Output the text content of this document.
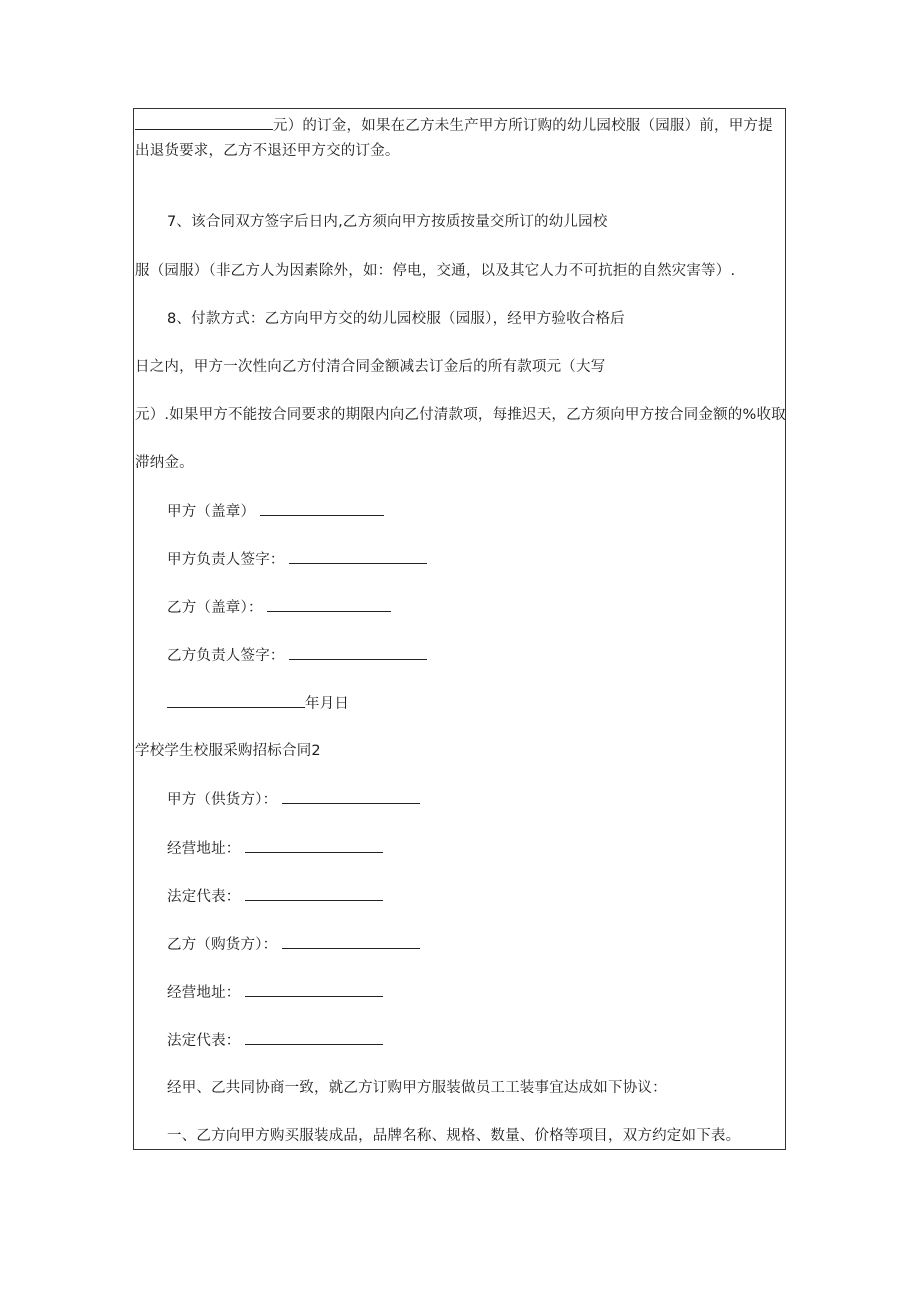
元）的订金，如果在乙方未生产甲方所订购的幼儿园校服（园服）前，甲方提
出退货要求，乙方不退还甲方交的订金。
7、该合同双方签字后日内,乙方须向甲方按质按量交所订的幼儿园校
服（园服）（非乙方人为因素除外，如：停电，交通，以及其它人力不可抗拒的自然灾害等）.
8、付款方式：乙方向甲方交的幼儿园校服（园服），经甲方验收合格后
日之内，甲方一次性向乙方付清合同金额减去订金后的所有款项元（大写
元）.如果甲方不能按合同要求的期限内向乙付清款项，每推迟天，乙方须向甲方按合同金额的%收取
滞纳金。
甲方（盖章）
甲方负责人签字：
乙方（盖章）：
乙方负责人签字：
年月日
学校学生校服采购招标合同2
甲方（供货方）：
经营地址：
法定代表：
乙方（购货方）：
经营地址：
法定代表：
经甲、乙共同协商一致，就乙方订购甲方服装做员工工装事宜达成如下协议：
一、乙方向甲方购买服装成品，品牌名称、规格、数量、价格等项目，双方约定如下表。
